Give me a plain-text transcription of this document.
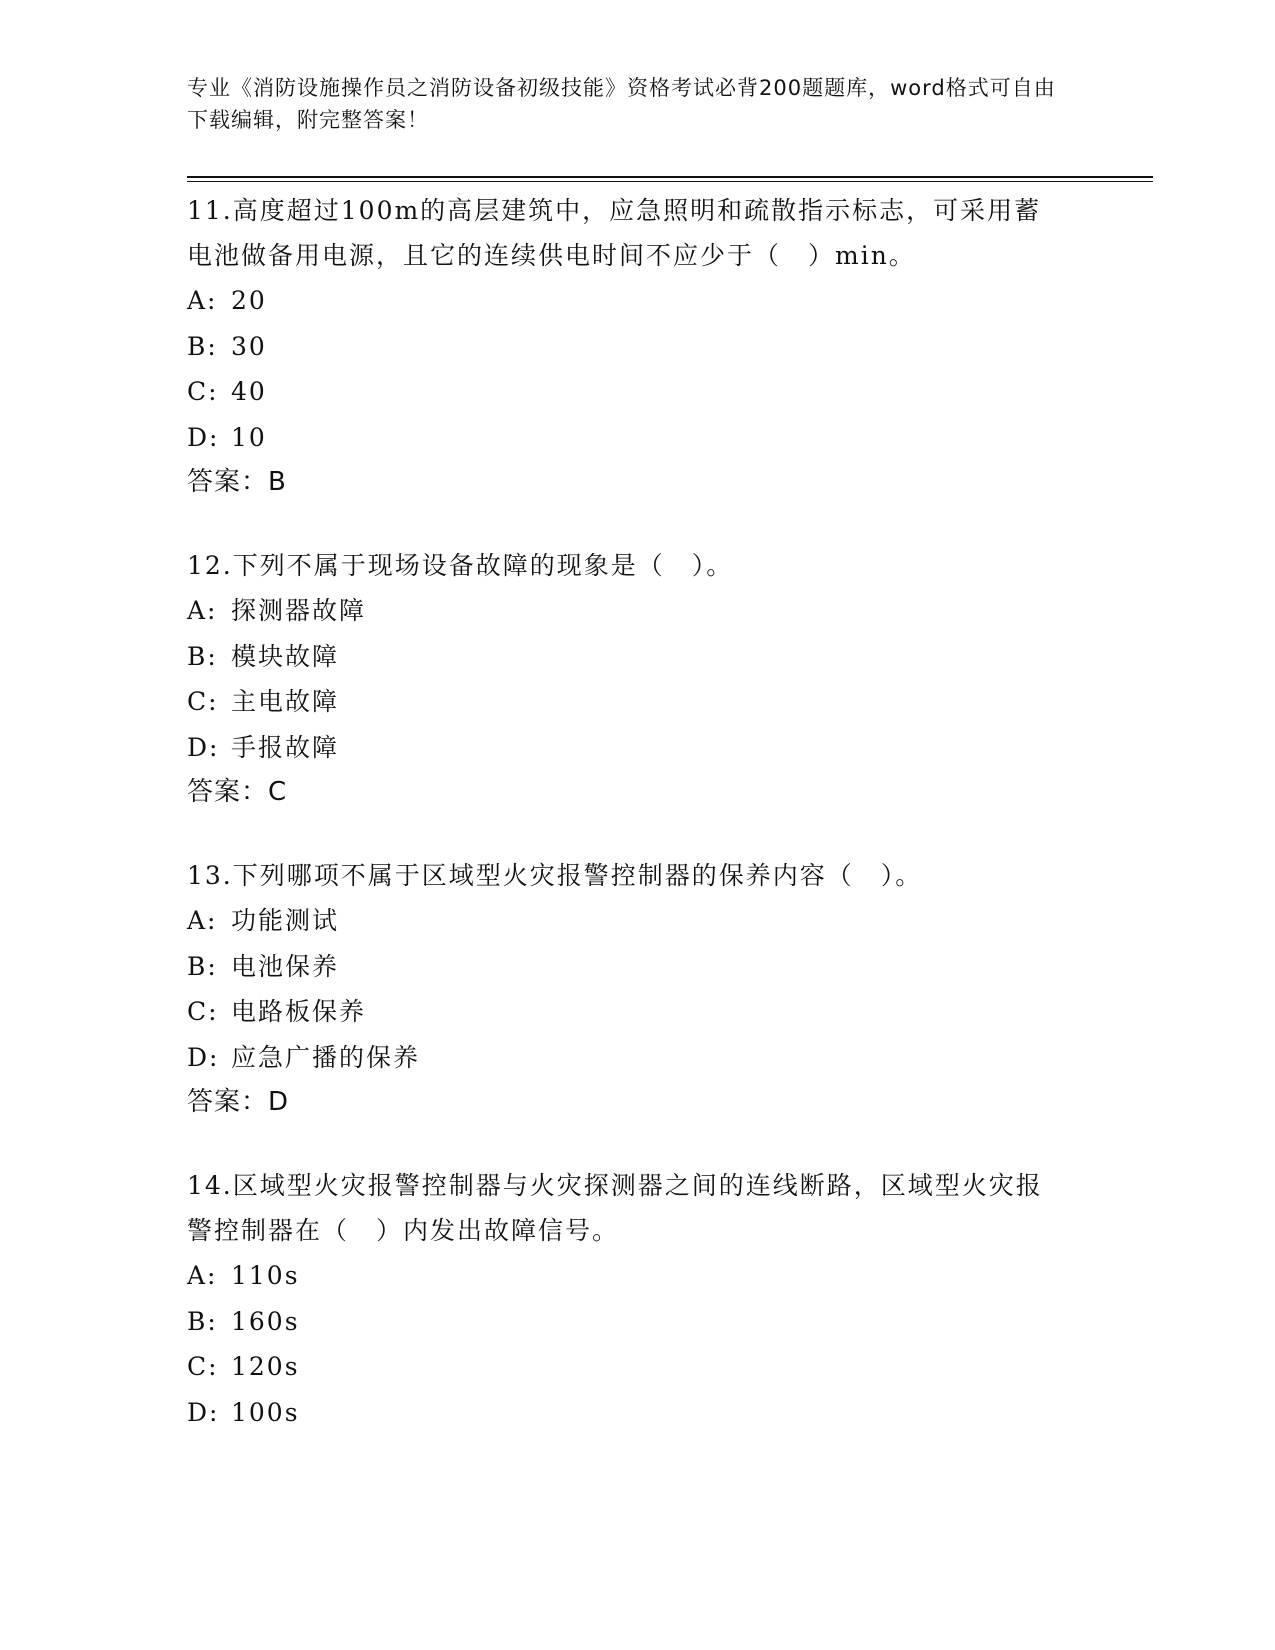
专业《消防设施操作员之消防设备初级技能》资格考试必背200题题库，word格式可自由下载编辑，附完整答案！

11.高度超过100m的高层建筑中，应急照明和疏散指示标志，可采用蓄电池做备用电源，且它的连续供电时间不应少于（　）min。

A: 20

B: 30

C: 40

D: 10

答案：B

12.下列不属于现场设备故障的现象是（　）。

A: 探测器故障

B: 模块故障

C: 主电故障

D: 手报故障

答案：C

13.下列哪项不属于区域型火灾报警控制器的保养内容（　）。

A: 功能测试

B: 电池保养

C: 电路板保养

D: 应急广播的保养

答案：D

14.区域型火灾报警控制器与火灾探测器之间的连线断路，区域型火灾报警控制器在（　）内发出故障信号。

A: 110s

B: 160s

C: 120s

D: 100s
